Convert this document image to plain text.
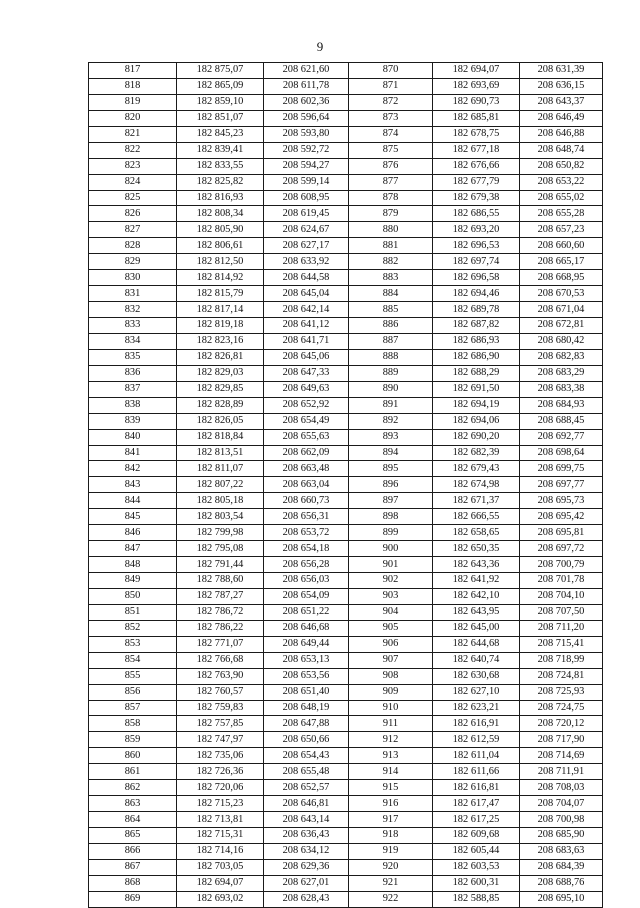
9
817	182 875,07	208 621,60	870	182 694,07	208 631,39
818	182 865,09	208 611,78	871	182 693,69	208 636,15
819	182 859,10	208 602,36	872	182 690,73	208 643,37
820	182 851,07	208 596,64	873	182 685,81	208 646,49
821	182 845,23	208 593,80	874	182 678,75	208 646,88
822	182 839,41	208 592,72	875	182 677,18	208 648,74
823	182 833,55	208 594,27	876	182 676,66	208 650,82
824	182 825,82	208 599,14	877	182 677,79	208 653,22
825	182 816,93	208 608,95	878	182 679,38	208 655,02
826	182 808,34	208 619,45	879	182 686,55	208 655,28
827	182 805,90	208 624,67	880	182 693,20	208 657,23
828	182 806,61	208 627,17	881	182 696,53	208 660,60
829	182 812,50	208 633,92	882	182 697,74	208 665,17
830	182 814,92	208 644,58	883	182 696,58	208 668,95
831	182 815,79	208 645,04	884	182 694,46	208 670,53
832	182 817,14	208 642,14	885	182 689,78	208 671,04
833	182 819,18	208 641,12	886	182 687,82	208 672,81
834	182 823,16	208 641,71	887	182 686,93	208 680,42
835	182 826,81	208 645,06	888	182 686,90	208 682,83
836	182 829,03	208 647,33	889	182 688,29	208 683,29
837	182 829,85	208 649,63	890	182 691,50	208 683,38
838	182 828,89	208 652,92	891	182 694,19	208 684,93
839	182 826,05	208 654,49	892	182 694,06	208 688,45
840	182 818,84	208 655,63	893	182 690,20	208 692,77
841	182 813,51	208 662,09	894	182 682,39	208 698,64
842	182 811,07	208 663,48	895	182 679,43	208 699,75
843	182 807,22	208 663,04	896	182 674,98	208 697,77
844	182 805,18	208 660,73	897	182 671,37	208 695,73
845	182 803,54	208 656,31	898	182 666,55	208 695,42
846	182 799,98	208 653,72	899	182 658,65	208 695,81
847	182 795,08	208 654,18	900	182 650,35	208 697,72
848	182 791,44	208 656,28	901	182 643,36	208 700,79
849	182 788,60	208 656,03	902	182 641,92	208 701,78
850	182 787,27	208 654,09	903	182 642,10	208 704,10
851	182 786,72	208 651,22	904	182 643,95	208 707,50
852	182 786,22	208 646,68	905	182 645,00	208 711,20
853	182 771,07	208 649,44	906	182 644,68	208 715,41
854	182 766,68	208 653,13	907	182 640,74	208 718,99
855	182 763,90	208 653,56	908	182 630,68	208 724,81
856	182 760,57	208 651,40	909	182 627,10	208 725,93
857	182 759,83	208 648,19	910	182 623,21	208 724,75
858	182 757,85	208 647,88	911	182 616,91	208 720,12
859	182 747,97	208 650,66	912	182 612,59	208 717,90
860	182 735,06	208 654,43	913	182 611,04	208 714,69
861	182 726,36	208 655,48	914	182 611,66	208 711,91
862	182 720,06	208 652,57	915	182 616,81	208 708,03
863	182 715,23	208 646,81	916	182 617,47	208 704,07
864	182 713,81	208 643,14	917	182 617,25	208 700,98
865	182 715,31	208 636,43	918	182 609,68	208 685,90
866	182 714,16	208 634,12	919	182 605,44	208 683,63
867	182 703,05	208 629,36	920	182 603,53	208 684,39
868	182 694,07	208 627,01	921	182 600,31	208 688,76
869	182 693,02	208 628,43	922	182 588,85	208 695,10
